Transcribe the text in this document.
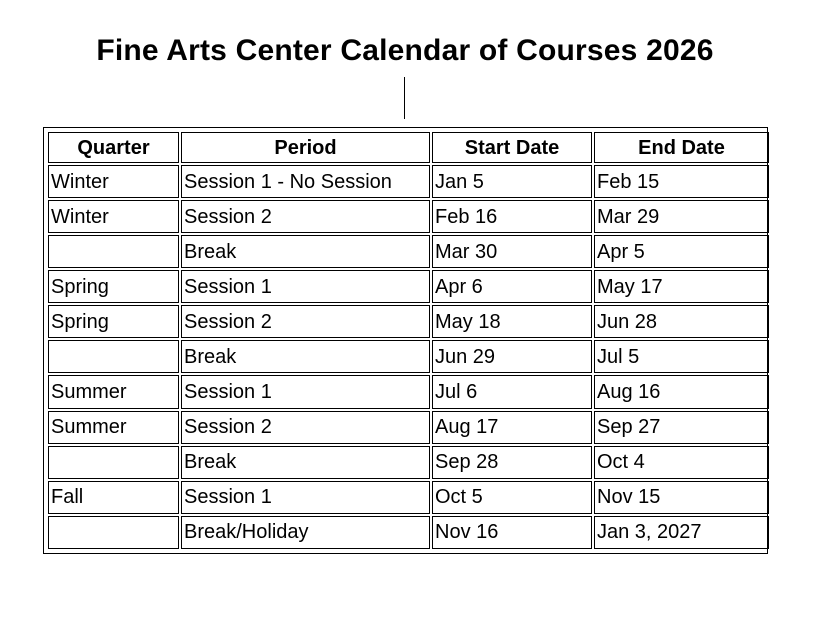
Fine Arts Center Calendar of Courses 2026
Quarter	Period	Start Date	End Date
Winter	Session 1 - No Session	Jan 5	Feb 15
Winter	Session 2	Feb 16	Mar 29
	Break	Mar 30	Apr 5
Spring	Session 1	Apr 6	May 17
Spring	Session 2	May 18	Jun 28
	Break	Jun 29	Jul 5
Summer	Session 1	Jul 6	Aug 16
Summer	Session 2	Aug 17	Sep 27
	Break	Sep 28	Oct 4
Fall	Session 1	Oct 5	Nov 15
	Break/Holiday	Nov 16	Jan 3, 2027
